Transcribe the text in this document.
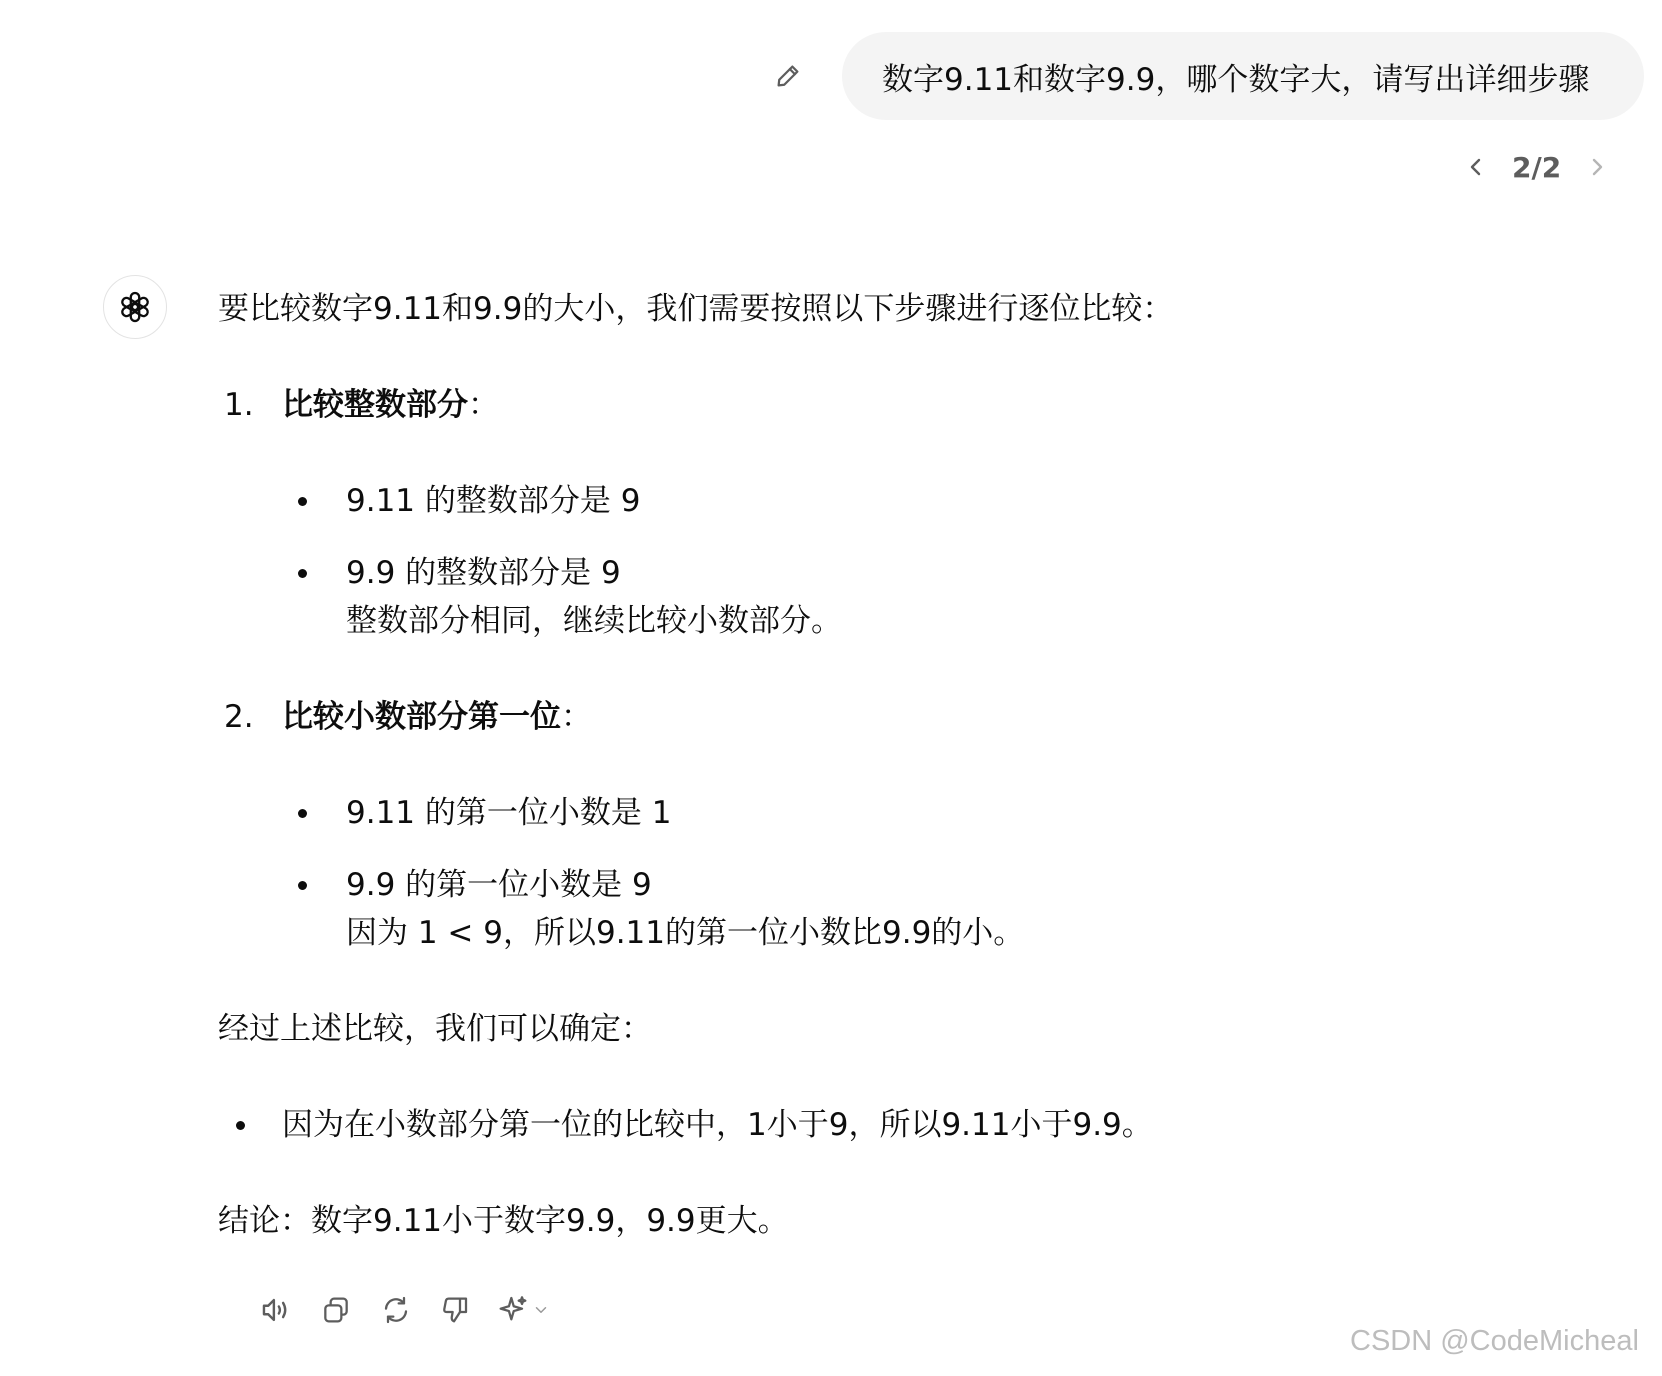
数字9.11和数字9.9，哪个数字大，请写出详细步骤
2/2

要比较数字9.11和9.9的大小，我们需要按照以下步骤进行逐位比较：

1. 比较整数部分：
9.11 的整数部分是 9
9.9 的整数部分是 9
整数部分相同，继续比较小数部分。
2. 比较小数部分第一位：
9.11 的第一位小数是 1
9.9 的第一位小数是 9
因为 1 < 9，所以9.11的第一位小数比9.9的小。

经过上述比较，我们可以确定：

因为在小数部分第一位的比较中，1小于9，所以9.11小于9.9。

结论：数字9.11小于数字9.9，9.9更大。

CSDN @CodeMicheal
